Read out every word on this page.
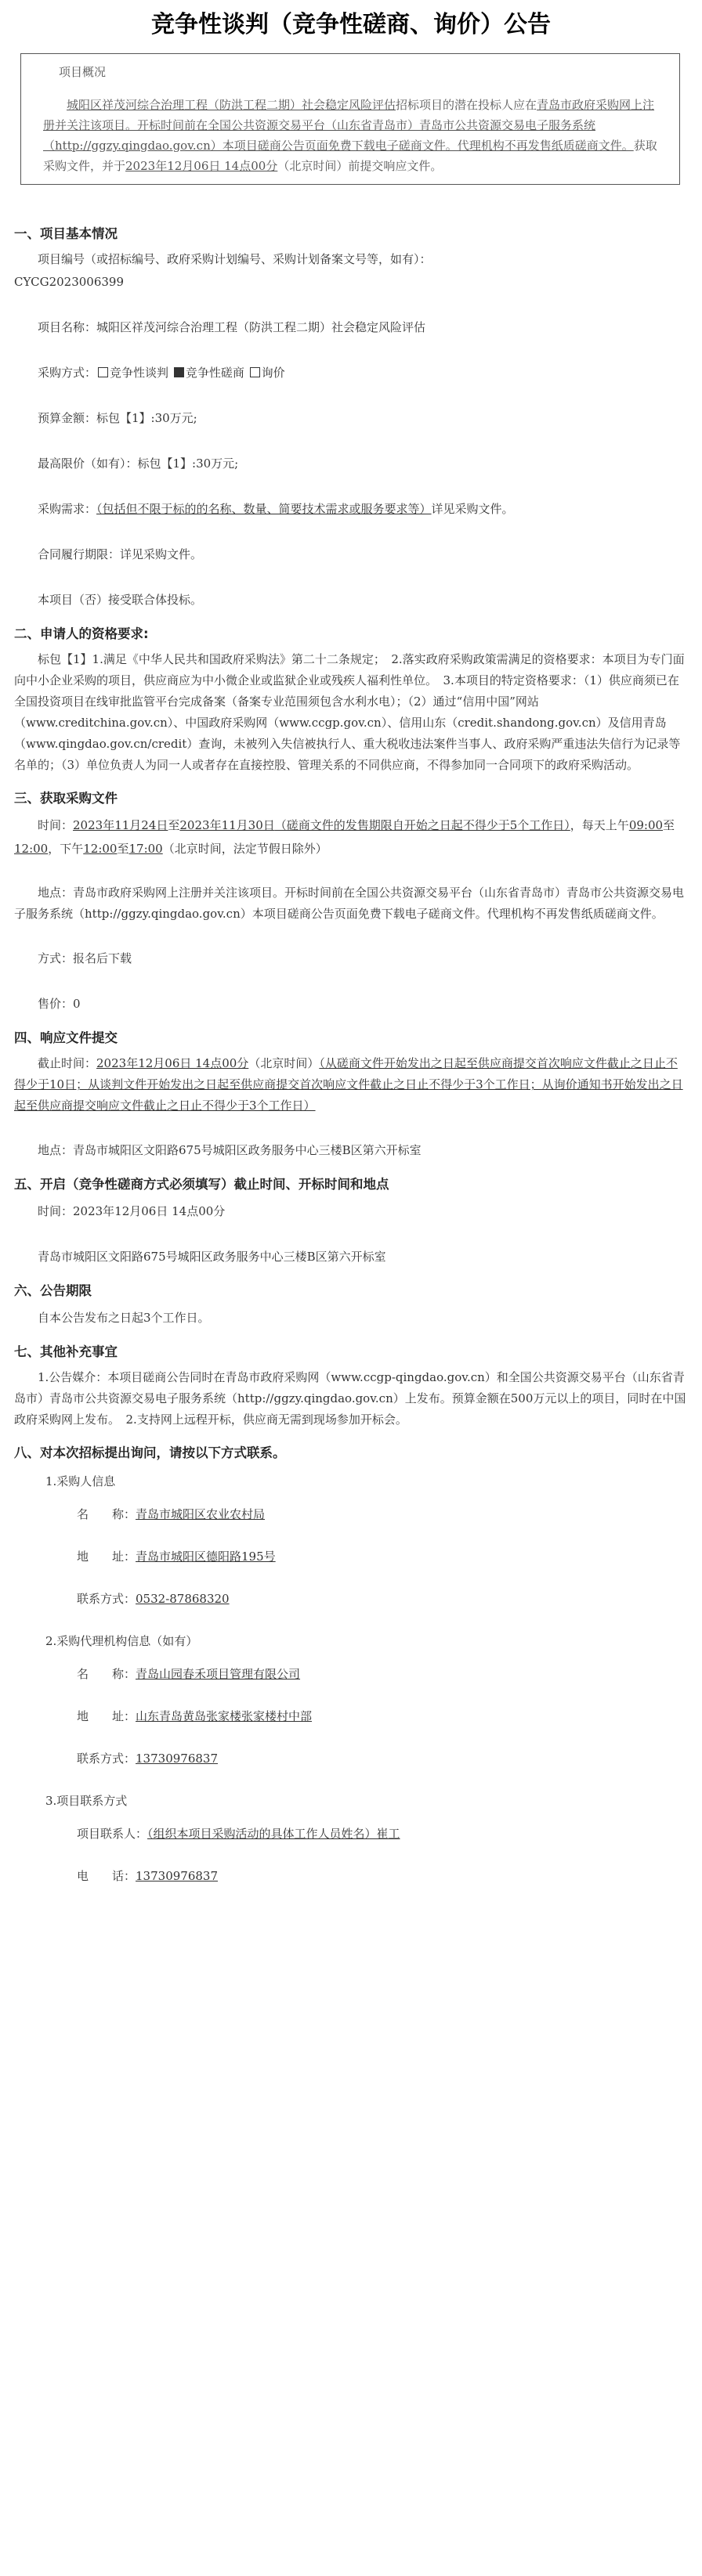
竞争性谈判（竞争性磋商、询价）公告
项目概况

城阳区祥茂河综合治理工程（防洪工程二期）社会稳定风险评估招标项目的潜在投标人应在青岛市政府采购网上注册并关注该项目。开标时间前在全国公共资源交易平台（山东省青岛市）青岛市公共资源交易电子服务系统（http://ggzy.qingdao.gov.cn）本项目磋商公告页面免费下载电子磋商文件。代理机构不再发售纸质磋商文件。获取采购文件，并于2023年12月06日 14点00分（北京时间）前提交响应文件。

一、项目基本情况
项目编号（或招标编号、政府采购计划编号、采购计划备案文号等，如有）：
CYCG2023006399
项目名称：城阳区祥茂河综合治理工程（防洪工程二期）社会稳定风险评估
采购方式： 竞争性谈判 竞争性磋商 询价
预算金额：标包【1】:30万元;
最高限价（如有）：标包【1】:30万元;
采购需求：（包括但不限于标的的名称、数量、简要技术需求或服务要求等）详见采购文件。
合同履行期限：详见采购文件。
本项目（否）接受联合体投标。
二、申请人的资格要求:
标包【1】1.满足《中华人民共和国政府采购法》第二十二条规定；　2.落实政府采购政策需满足的资格要求：本项目为专门面向中小企业采购的项目，供应商应为中小微企业或监狱企业或残疾人福利性单位。　3.本项目的特定资格要求：（1）供应商须已在全国投资项目在线审批监管平台完成备案（备案专业范围须包含水利水电）；（2）通过“信用中国”网站（www.creditchina.gov.cn）、中国政府采购网（www.ccgp.gov.cn）、信用山东（credit.shandong.gov.cn）及信用青岛（www.qingdao.gov.cn/credit）查询，未被列入失信被执行人、重大税收违法案件当事人、政府采购严重违法失信行为记录等名单的；（3）单位负责人为同一人或者存在直接控股、管理关系的不同供应商，不得参加同一合同项下的政府采购活动。
三、获取采购文件
时间：2023年11月24日至2023年11月30日（磋商文件的发售期限自开始之日起不得少于5个工作日），每天上午09:00至12:00，下午12:00至17:00（北京时间，法定节假日除外）
地点：青岛市政府采购网上注册并关注该项目。开标时间前在全国公共资源交易平台（山东省青岛市）青岛市公共资源交易电子服务系统（http://ggzy.qingdao.gov.cn）本项目磋商公告页面免费下载电子磋商文件。代理机构不再发售纸质磋商文件。
方式：报名后下载
售价：0
四、响应文件提交
截止时间：2023年12月06日 14点00分（北京时间）（从磋商文件开始发出之日起至供应商提交首次响应文件截止之日止不得少于10日；从谈判文件开始发出之日起至供应商提交首次响应文件截止之日止不得少于3个工作日；从询价通知书开始发出之日起至供应商提交响应文件截止之日止不得少于3个工作日）
地点：青岛市城阳区文阳路675号城阳区政务服务中心三楼B区第六开标室
五、开启（竞争性磋商方式必须填写）截止时间、开标时间和地点
时间：2023年12月06日 14点00分
青岛市城阳区文阳路675号城阳区政务服务中心三楼B区第六开标室
六、公告期限
自本公告发布之日起3个工作日。
七、其他补充事宜
1.公告媒介：本项目磋商公告同时在青岛市政府采购网（www.ccgp-qingdao.gov.cn）和全国公共资源交易平台（山东省青岛市）青岛市公共资源交易电子服务系统（http://ggzy.qingdao.gov.cn）上发布。预算金额在500万元以上的项目，同时在中国政府采购网上发布。　2.支持网上远程开标，供应商无需到现场参加开标会。
八、对本次招标提出询问，请按以下方式联系。
1.采购人信息
名　　称：青岛市城阳区农业农村局
地　　址：青岛市城阳区德阳路195号
联系方式：0532-87868320
2.采购代理机构信息（如有）
名　　称：青岛山园春禾项目管理有限公司
地　　址：山东青岛黄岛张家楼张家楼村中部
联系方式：13730976837
3.项目联系方式
项目联系人：（组织本项目采购活动的具体工作人员姓名）崔工
电　　话：13730976837
